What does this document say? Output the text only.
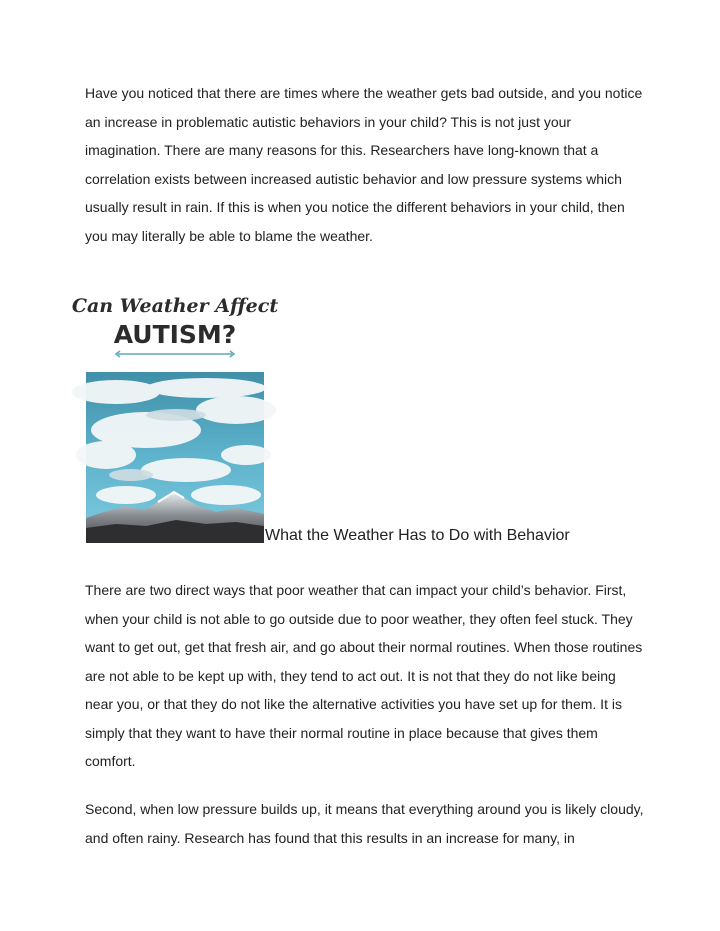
Have you noticed that there are times where the weather gets bad outside, and you notice an increase in problematic autistic behaviors in your child? This is not just your imagination. There are many reasons for this. Researchers have long-known that a correlation exists between increased autistic behavior and low pressure systems which usually result in rain. If this is when you notice the different behaviors in your child, then you may literally be able to blame the weather.

Can Weather Affect
AUTISM?

What the Weather Has to Do with Behavior

There are two direct ways that poor weather that can impact your child’s behavior. First, when your child is not able to go outside due to poor weather, they often feel stuck. They want to get out, get that fresh air, and go about their normal routines. When those routines are not able to be kept up with, they tend to act out. It is not that they do not like being near you, or that they do not like the alternative activities you have set up for them. It is simply that they want to have their normal routine in place because that gives them comfort.

Second, when low pressure builds up, it means that everything around you is likely cloudy, and often rainy. Research has found that this results in an increase for many, in
